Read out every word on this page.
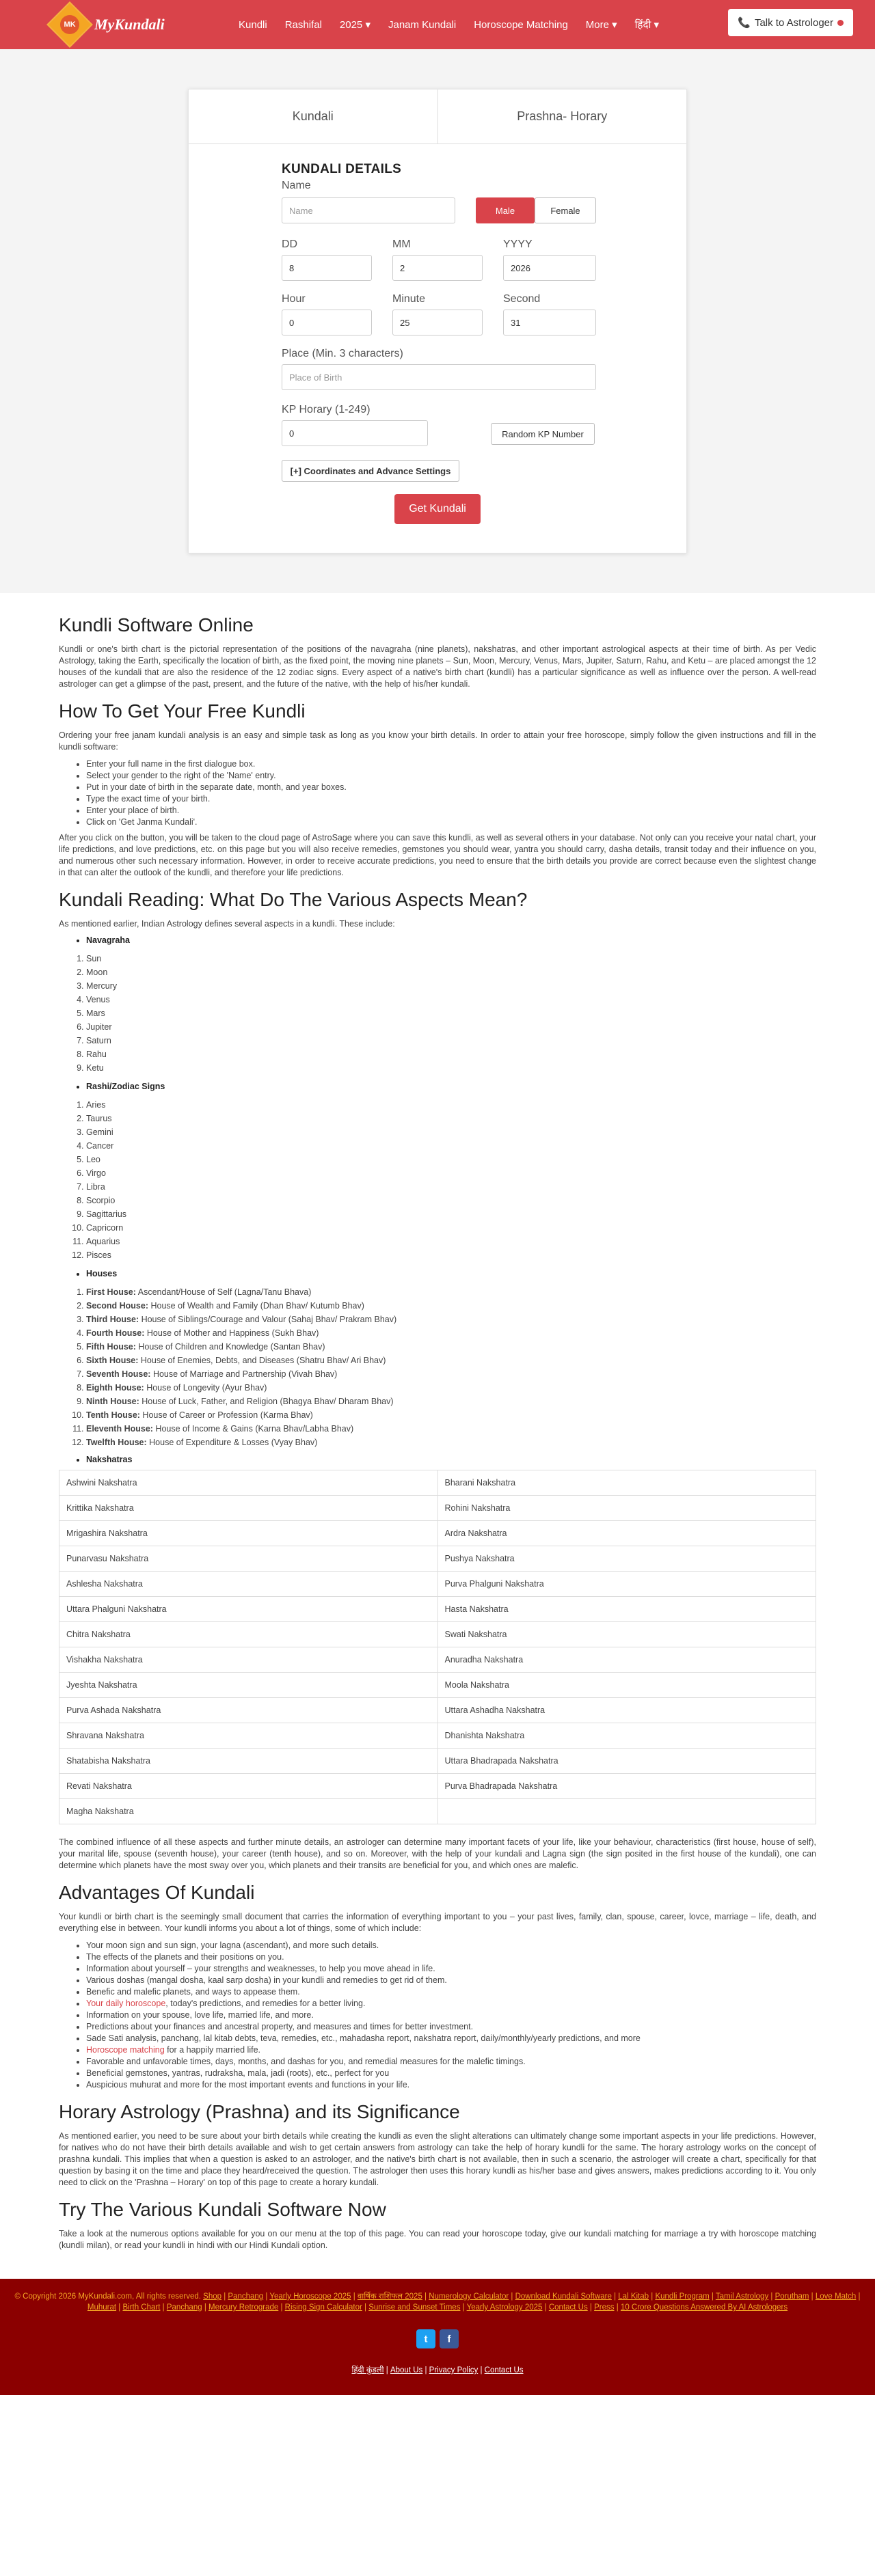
MK MyKundali	Kundli Rashifal 2025 ▾ Janam Kundali Horoscope Matching More ▾ हिंदी ▾	📞 Talk to Astrologer
Kundali	Prashna- Horary
KUNDALI DETAILS
Name
Name	Male	Female
DD	MM	YYYY
8	2	2026
Hour	Minute	Second
0	25	31
Place (Min. 3 characters)
Place of Birth
KP Horary (1-249)
0	Random KP Number
[+] Coordinates and Advance Settings
Get Kundali
Kundli Software Online

Kundli or one's birth chart is the pictorial representation of the positions of the navagraha (nine planets), nakshatras, and other important astrological aspects at their time of birth. As per Vedic Astrology, taking the Earth, specifically the location of birth, as the fixed point, the moving nine planets – Sun, Moon, Mercury, Venus, Mars, Jupiter, Saturn, Rahu, and Ketu – are placed amongst the 12 houses of the kundali that are also the residence of the 12 zodiac signs. Every aspect of a native's birth chart (kundli) has a particular significance as well as influence over the person. A well-read astrologer can get a glimpse of the past, present, and the future of the native, with the help of his/her kundali.

How To Get Your Free Kundli

Ordering your free janam kundali analysis is an easy and simple task as long as you know your birth details. In order to attain your free horoscope, simply follow the given instructions and fill in the kundli software:

• Enter your full name in the first dialogue box.
• Select your gender to the right of the 'Name' entry.
• Put in your date of birth in the separate date, month, and year boxes.
• Type the exact time of your birth.
• Enter your place of birth.
• Click on 'Get Janma Kundali'.

After you click on the button, you will be taken to the cloud page of AstroSage where you can save this kundli, as well as several others in your database. Not only can you receive your natal chart, your life predictions, and love predictions, etc. on this page but you will also receive remedies, gemstones you should wear, yantra you should carry, dasha details, transit today and their influence on you, and numerous other such necessary information. However, in order to receive accurate predictions, you need to ensure that the birth details you provide are correct because even the slightest change in that can alter the outlook of the kundli, and therefore your life predictions.

Kundali Reading: What Do The Various Aspects Mean?

As mentioned earlier, Indian Astrology defines several aspects in a kundli. These include:

Navagraha
1. Sun
2. Moon
3. Mercury
4. Venus
5. Mars
6. Jupiter
7. Saturn
8. Rahu
9. Ketu
Rashi/Zodiac Signs
1. Aries
2. Taurus
3. Gemini
4. Cancer
5. Leo
6. Virgo
7. Libra
8. Scorpio
9. Sagittarius
10. Capricorn
11. Aquarius
12. Pisces
Houses
1. First House: Ascendant/House of Self (Lagna/Tanu Bhava)
2. Second House: House of Wealth and Family (Dhan Bhav/ Kutumb Bhav)
3. Third House: House of Siblings/Courage and Valour (Sahaj Bhav/ Prakram Bhav)
4. Fourth House: House of Mother and Happiness (Sukh Bhav)
5. Fifth House: House of Children and Knowledge (Santan Bhav)
6. Sixth House: House of Enemies, Debts, and Diseases (Shatru Bhav/ Ari Bhav)
7. Seventh House: House of Marriage and Partnership (Vivah Bhav)
8. Eighth House: House of Longevity (Ayur Bhav)
9. Ninth House: House of Luck, Father, and Religion (Bhagya Bhav/ Dharam Bhav)
10. Tenth House: House of Career or Profession (Karma Bhav)
11. Eleventh House: House of Income & Gains (Karna Bhav/Labha Bhav)
12. Twelfth House: House of Expenditure & Losses (Vyay Bhav)
Nakshatras
Ashwini Nakshatra	Bharani Nakshatra
Krittika Nakshatra	Rohini Nakshatra
Mrigashira Nakshatra	Ardra Nakshatra
Punarvasu Nakshatra	Pushya Nakshatra
Ashlesha Nakshatra	Purva Phalguni Nakshatra
Uttara Phalguni Nakshatra	Hasta Nakshatra
Chitra Nakshatra	Swati Nakshatra
Vishakha Nakshatra	Anuradha Nakshatra
Jyeshta Nakshatra	Moola Nakshatra
Purva Ashada Nakshatra	Uttara Ashadha Nakshatra
Shravana Nakshatra	Dhanishta Nakshatra
Shatabisha Nakshatra	Uttara Bhadrapada Nakshatra
Revati Nakshatra	Purva Bhadrapada Nakshatra
Magha Nakshatra	

The combined influence of all these aspects and further minute details, an astrologer can determine many important facets of your life, like your behaviour, characteristics (first house, house of self), your marital life, spouse (seventh house), your career (tenth house), and so on. Moreover, with the help of your kundali and Lagna sign (the sign posited in the first house of the kundali), one can determine which planets have the most sway over you, which planets and their transits are beneficial for you, and which ones are malefic.

Advantages Of Kundali

Your kundli or birth chart is the seemingly small document that carries the information of everything important to you – your past lives, family, clan, spouse, career, lovce, marriage – life, death, and everything else in between. Your kundli informs you about a lot of things, some of which include:

• Your moon sign and sun sign, your lagna (ascendant), and more such details.
• The effects of the planets and their positions on you.
• Information about yourself – your strengths and weaknesses, to help you move ahead in life.
• Various doshas (mangal dosha, kaal sarp dosha) in your kundli and remedies to get rid of them.
• Benefic and malefic planets, and ways to appease them.
• Your daily horoscope, today's predictions, and remedies for a better living.
• Information on your spouse, love life, married life, and more.
• Predictions about your finances and ancestral property, and measures and times for better investment.
• Sade Sati analysis, panchang, lal kitab debts, teva, remedies, etc., mahadasha report, nakshatra report, daily/monthly/yearly predictions, and more
• Horoscope matching for a happily married life.
• Favorable and unfavorable times, days, months, and dashas for you, and remedial measures for the malefic timings.
• Beneficial gemstones, yantras, rudraksha, mala, jadi (roots), etc., perfect for you
• Auspicious muhurat and more for the most important events and functions in your life.
Horary Astrology (Prashna) and its Significance

As mentioned earlier, you need to be sure about your birth details while creating the kundli as even the slight alterations can ultimately change some important aspects in your life predictions. However, for natives who do not have their birth details available and wish to get certain answers from astrology can take the help of horary kundli for the same. The horary astrology works on the concept of prashna kundali. This implies that when a question is asked to an astrologer, and the native's birth chart is not available, then in such a scenario, the astrologer will create a chart, specifically for that question by basing it on the time and place they heard/received the question. The astrologer then uses this horary kundli as his/her base and gives answers, makes predictions according to it. You only need to click on the 'Prashna – Horary' on top of this page to create a horary kundali.

Try The Various Kundali Software Now

Take a look at the numerous options available for you on our menu at the top of this page. You can read your horoscope today, give our kundali matching for marriage a try with horoscope matching (kundli milan), or read your kundli in hindi with our Hindi Kundali option.

© Copyright 2026 MyKundali.com, All rights reserved. Shop | Panchang | Yearly Horoscope 2025 | वार्षिक राशिफल 2025 | Numerology Calculator | Download Kundali Software | Lal Kitab | Kundli Program | Tamil Astrology | Porutham | Love Match | Muhurat | Birth Chart | Panchang | Mercury Retrograde | Rising Sign Calculator | Sunrise and Sunset Times | Yearly Astrology 2025 | Contact Us | Press | 10 Crore Questions Answered By AI Astrologers
t	f
हिंदी कुंडली | About Us | Privacy Policy | Contact Us
